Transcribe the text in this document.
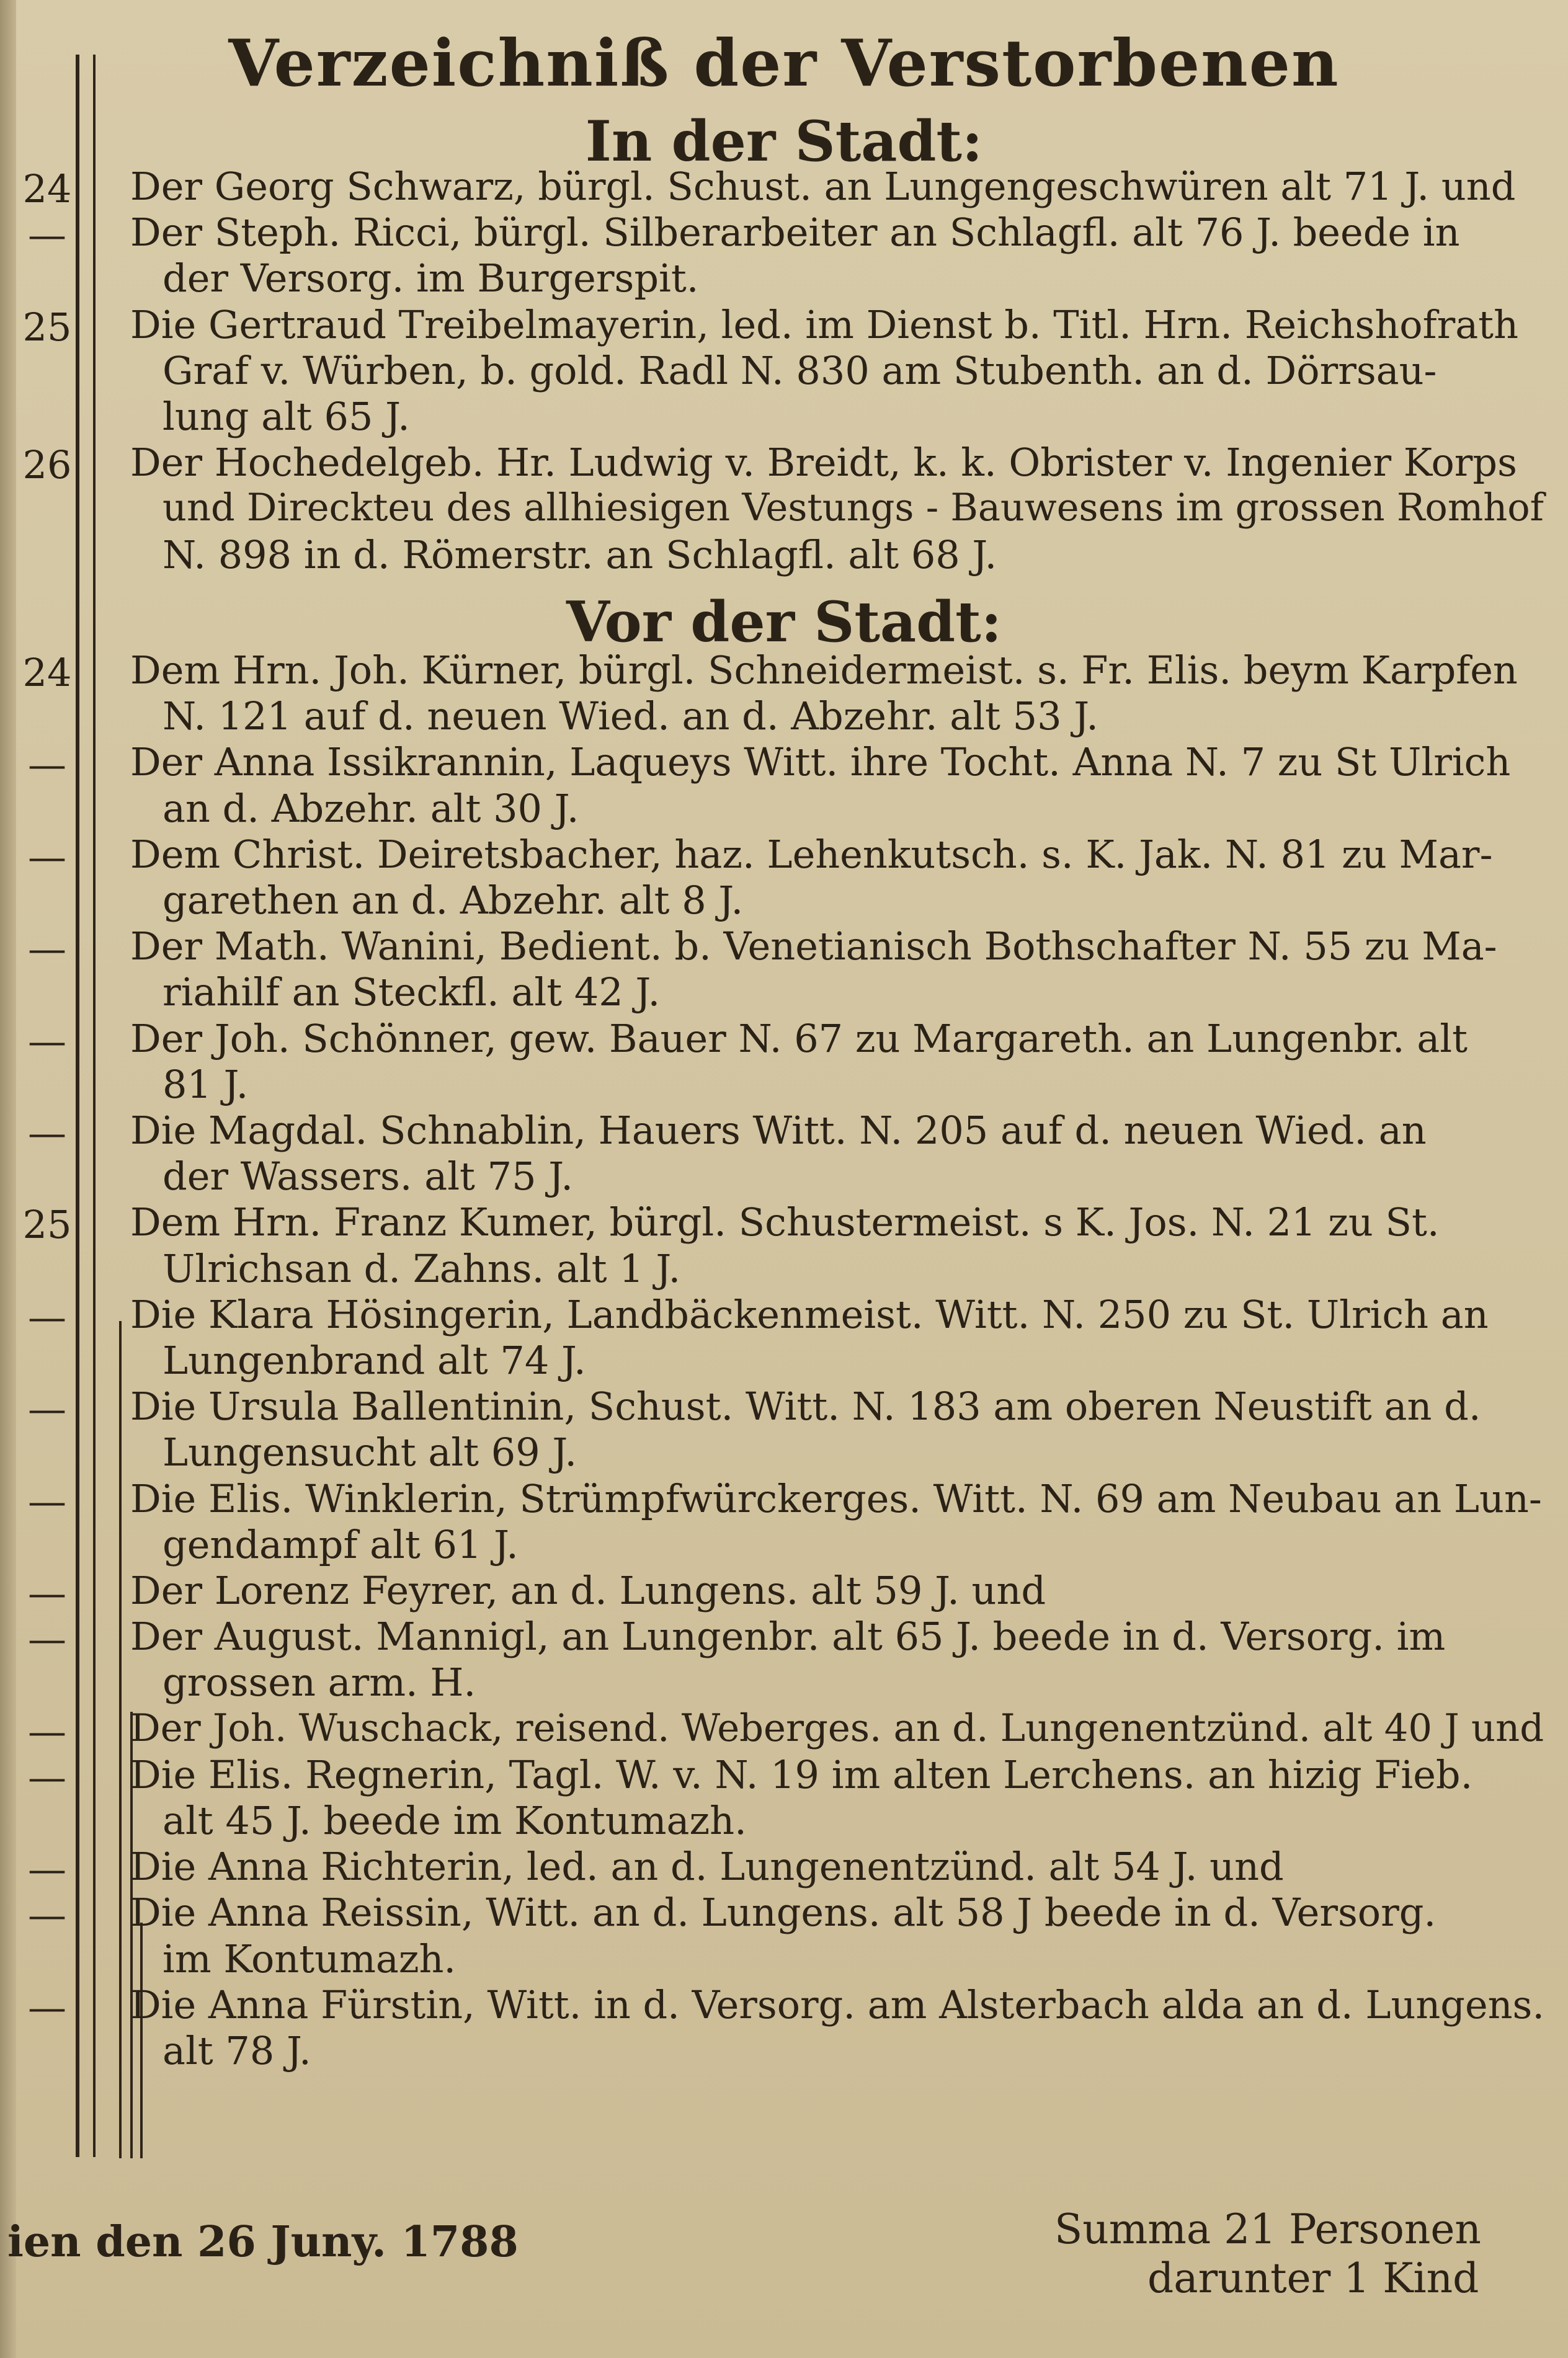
Verzeichniß der Verstorbenen
In der Stadt:
24 Der Georg Schwarz, bürgl. Schust. an Lungengeschwüren alt 71 J. und
— Der Steph. Ricci, bürgl. Silberarbeiter an Schlagfl. alt 76 J. beede in
der Versorg. im Burgerspit.
25 Die Gertraud Treibelmayerin, led. im Dienst b. Titl. Hrn. Reichshofrath
Graf v. Würben, b. gold. Radl N. 830 am Stubenth. an d. Dörrsau-
lung alt 65 J.
26 Der Hochedelgeb. Hr. Ludwig v. Breidt, k. k. Obrister v. Ingenier Korps
und Direckteu des allhiesigen Vestungs - Bauwesens im grossen Romhof
N. 898 in d. Römerstr. an Schlagfl. alt 68 J.
Vor der Stadt:
24 Dem Hrn. Joh. Kürner, bürgl. Schneidermeist. s. Fr. Elis. beym Karpfen
N. 121 auf d. neuen Wied. an d. Abzehr. alt 53 J.
— Der Anna Issikrannin, Laqueys Witt. ihre Tocht. Anna N. 7 zu St Ulrich
an d. Abzehr. alt 30 J.
— Dem Christ. Deiretsbacher, haz. Lehenkutsch. s. K. Jak. N. 81 zu Mar-
garethen an d. Abzehr. alt 8 J.
— Der Math. Wanini, Bedient. b. Venetianisch Bothschafter N. 55 zu Ma-
riahilf an Steckfl. alt 42 J.
— Der Joh. Schönner, gew. Bauer N. 67 zu Margareth. an Lungenbr. alt
81 J.
— Die Magdal. Schnablin, Hauers Witt. N. 205 auf d. neuen Wied. an
der Wassers. alt 75 J.
25 Dem Hrn. Franz Kumer, bürgl. Schustermeist. s K. Jos. N. 21 zu St.
Ulrichsan d. Zahns. alt 1 J.
— Die Klara Hösingerin, Landbäckenmeist. Witt. N. 250 zu St. Ulrich an
Lungenbrand alt 74 J.
— Die Ursula Ballentinin, Schust. Witt. N. 183 am oberen Neustift an d.
Lungensucht alt 69 J.
— Die Elis. Winklerin, Strümpfwürckerges. Witt. N. 69 am Neubau an Lun-
gendampf alt 61 J.
— Der Lorenz Feyrer, an d. Lungens. alt 59 J. und
— Der August. Mannigl, an Lungenbr. alt 65 J. beede in d. Versorg. im
grossen arm. H.
— Der Joh. Wuschack, reisend. Weberges. an d. Lungenentzünd. alt 40 J und
— Die Elis. Regnerin, Tagl. W. v. N. 19 im alten Lerchens. an hizig Fieb.
alt 45 J. beede im Kontumazh.
— Die Anna Richterin, led. an d. Lungenentzünd. alt 54 J. und
— Die Anna Reissin, Witt. an d. Lungens. alt 58 J beede in d. Versorg.
im Kontumazh.
— Die Anna Fürstin, Witt. in d. Versorg. am Alsterbach alda an d. Lungens.
alt 78 J.
ien den 26 Juny. 1788	Summa 21 Personen
darunter 1 Kind
